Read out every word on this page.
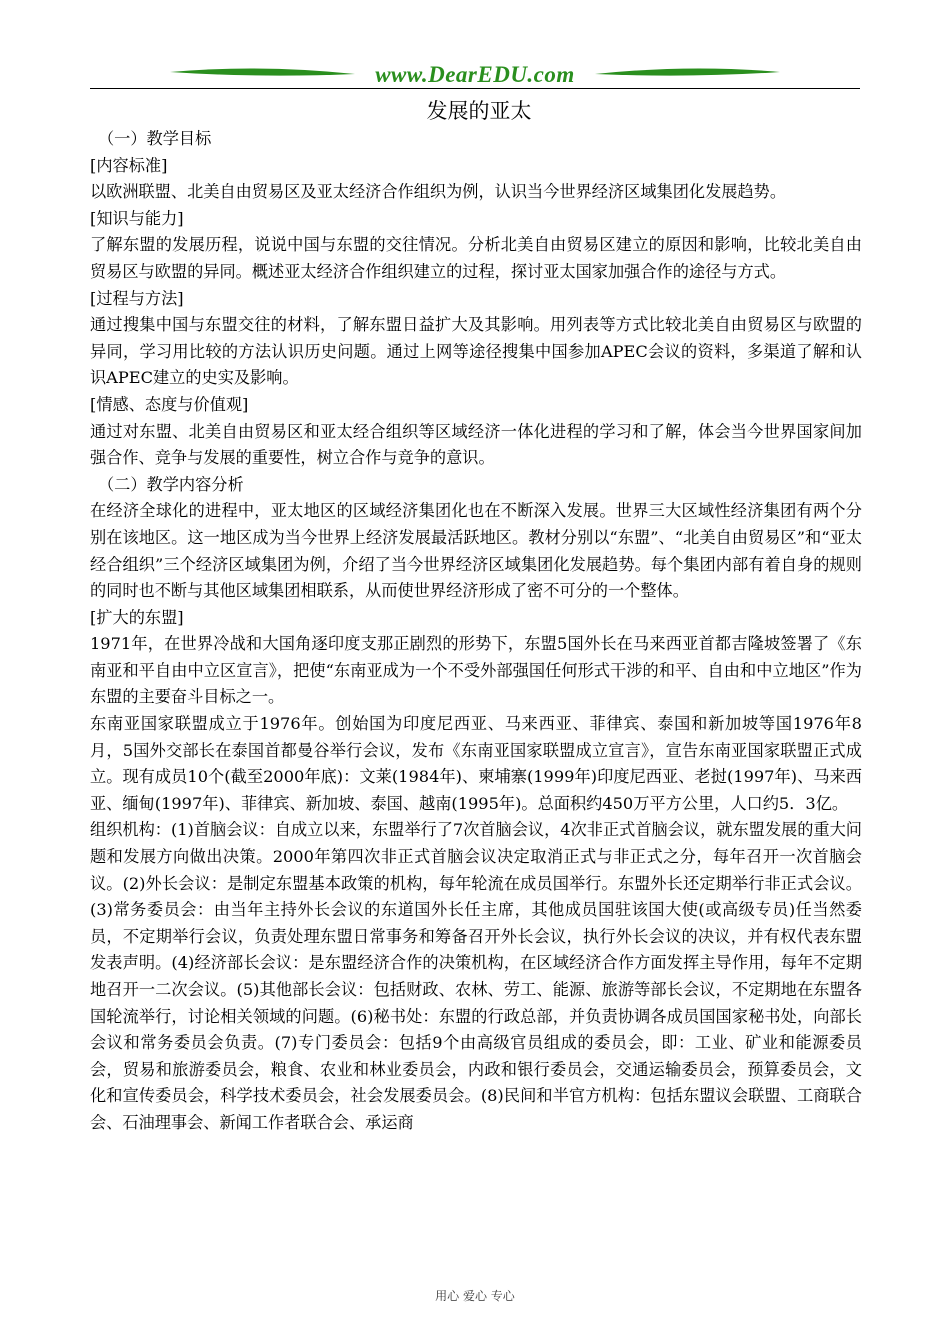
www.DearEDU.com
发展的亚太

（一）教学目标

[内容标准]

以欧洲联盟、北美自由贸易区及亚太经济合作组织为例，认识当今世界经济区域集团化发展趋势。

[知识与能力]

了解东盟的发展历程，说说中国与东盟的交往情况。分析北美自由贸易区建立的原因和影响，比较北美自由贸易区与欧盟的异同。概述亚太经济合作组织建立的过程，探讨亚太国家加强合作的途径与方式。

[过程与方法]

通过搜集中国与东盟交往的材料，了解东盟日益扩大及其影响。用列表等方式比较北美自由贸易区与欧盟的异同，学习用比较的方法认识历史问题。通过上网等途径搜集中国参加APEC会议的资料，多渠道了解和认识APEC建立的史实及影响。

[情感、态度与价值观]

通过对东盟、北美自由贸易区和亚太经合组织等区域经济一体化进程的学习和了解，体会当今世界国家间加强合作、竞争与发展的重要性，树立合作与竞争的意识。

（二）教学内容分析

在经济全球化的进程中，亚太地区的区域经济集团化也在不断深入发展。世界三大区域性经济集团有两个分别在该地区。这一地区成为当今世界上经济发展最活跃地区。教材分别以“东盟”、“北美自由贸易区”和“亚太经合组织”三个经济区域集团为例，介绍了当今世界经济区域集团化发展趋势。每个集团内部有着自身的规则的同时也不断与其他区域集团相联系，从而使世界经济形成了密不可分的一个整体。

[扩大的东盟]

1971年，在世界冷战和大国角逐印度支那正剧烈的形势下，东盟5国外长在马来西亚首都吉隆坡签署了《东南亚和平自由中立区宣言》，把使“东南亚成为一个不受外部强国任何形式干涉的和平、自由和中立地区”作为东盟的主要奋斗目标之一。

东南亚国家联盟成立于1976年。创始国为印度尼西亚、马来西亚、菲律宾、泰国和新加坡等国1976年8月，5国外交部长在泰国首都曼谷举行会议，发布《东南亚国家联盟成立宣言》，宣告东南亚国家联盟正式成立。现有成员10个(截至2000年底)：文莱(1984年)、柬埔寨(1999年)印度尼西亚、老挝(1997年)、马来西亚、缅甸(1997年)、菲律宾、新加坡、泰国、越南(1995年)。总面积约450万平方公里，人口约5．3亿。

组织机构：(1)首脑会议：自成立以来，东盟举行了7次首脑会议，4次非正式首脑会议，就东盟发展的重大问题和发展方向做出决策。2000年第四次非正式首脑会议决定取消正式与非正式之分，每年召开一次首脑会议。(2)外长会议：是制定东盟基本政策的机构，每年轮流在成员国举行。东盟外长还定期举行非正式会议。(3)常务委员会：由当年主持外长会议的东道国外长任主席，其他成员国驻该国大使(或高级专员)任当然委员，不定期举行会议，负责处理东盟日常事务和筹备召开外长会议，执行外长会议的决议，并有权代表东盟发表声明。(4)经济部长会议：是东盟经济合作的决策机构，在区域经济合作方面发挥主导作用，每年不定期地召开一二次会议。(5)其他部长会议：包括财政、农林、劳工、能源、旅游等部长会议，不定期地在东盟各国轮流举行，讨论相关领域的问题。(6)秘书处：东盟的行政总部，并负责协调各成员国国家秘书处，向部长会议和常务委员会负责。(7)专门委员会：包括9个由高级官员组成的委员会，即：工业、矿业和能源委员会，贸易和旅游委员会，粮食、农业和林业委员会，内政和银行委员会，交通运输委员会，预算委员会，文化和宣传委员会，科学技术委员会，社会发展委员会。(8)民间和半官方机构：包括东盟议会联盟、工商联合会、石油理事会、新闻工作者联合会、承运商

用心 爱心 专心
